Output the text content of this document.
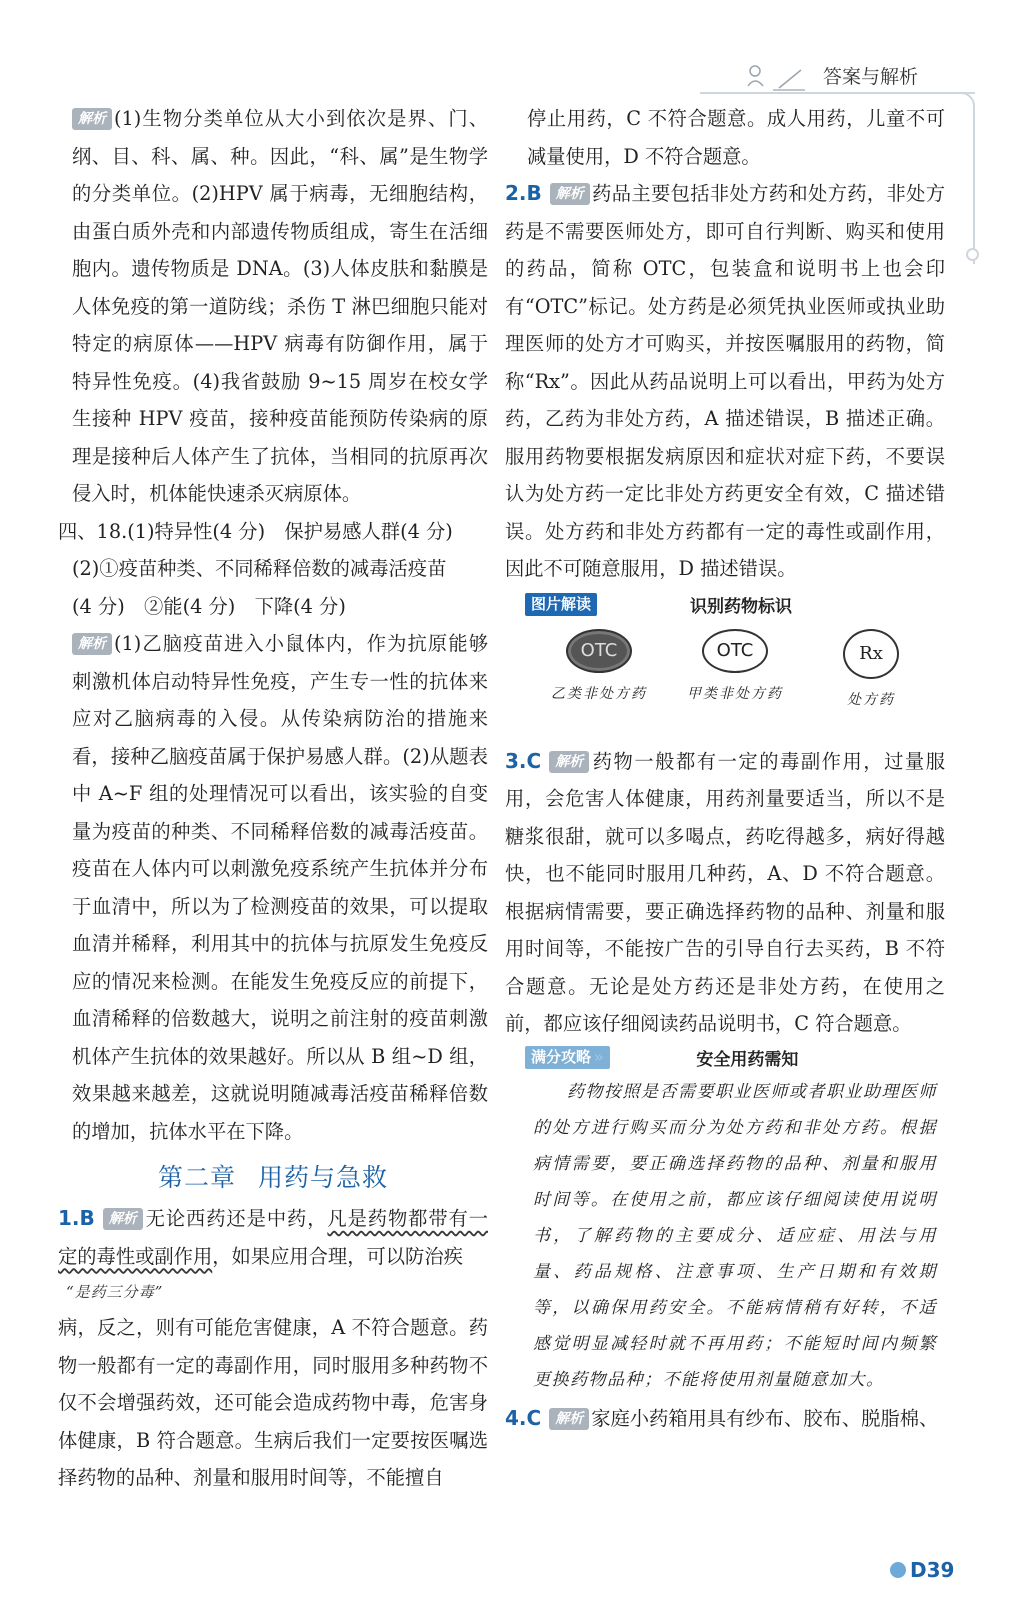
答案与解析

解析 (1)生物分类单位从大小到依次是界、门、纲、目、科、属、种。因此，“科、属”是生物学的分类单位。(2)HPV 属于病毒，无细胞结构，由蛋白质外壳和内部遗传物质组成，寄生在活细胞内。遗传物质是 DNA。(3)人体皮肤和黏膜是人体免疫的第一道防线；杀伤 T 淋巴细胞只能对特定的病原体——HPV 病毒有防御作用，属于特异性免疫。(4)我省鼓励 9~15 周岁在校女学生接种 HPV 疫苗，接种疫苗能预防传染病的原理是接种后人体产生了抗体，当相同的抗原再次侵入时，机体能快速杀灭病原体。

四、18.(1)特异性(4 分)　保护易感人群(4 分)

(2)①疫苗种类、不同稀释倍数的减毒活疫苗

(4 分)　②能(4 分)　下降(4 分)

解析 (1)乙脑疫苗进入小鼠体内，作为抗原能够刺激机体启动特异性免疫，产生专一性的抗体来应对乙脑病毒的入侵。从传染病防治的措施来看，接种乙脑疫苗属于保护易感人群。(2)从题表中 A~F 组的处理情况可以看出，该实验的自变量为疫苗的种类、不同稀释倍数的减毒活疫苗。疫苗在人体内可以刺激免疫系统产生抗体并分布于血清中，所以为了检测疫苗的效果，可以提取血清并稀释，利用其中的抗体与抗原发生免疫反应的情况来检测。在能发生免疫反应的前提下，血清稀释的倍数越大，说明之前注射的疫苗刺激机体产生抗体的效果越好。所以从 B 组~D 组，效果越来越差，这就说明随减毒活疫苗稀释倍数的增加，抗体水平在下降。

第二章 用药与急救

1.B 解析 无论西药还是中药，凡是药物都带有一定的毒性或副作用，如果应用合理，可以防治疾

“是药三分毒”

病，反之，则有可能危害健康，A 不符合题意。药物一般都有一定的毒副作用，同时服用多种药物不仅不会增强药效，还可能会造成药物中毒，危害身体健康，B 符合题意。生病后我们一定要按医嘱选择药物的品种、剂量和服用时间等，不能擅自

停止用药，C 不符合题意。成人用药，儿童不可减量使用，D 不符合题意。

2.B 解析 药品主要包括非处方药和处方药，非处方药是不需要医师处方，即可自行判断、购买和使用的药品，简称 OTC，包装盒和说明书上也会印有“OTC”标记。处方药是必须凭执业医师或执业助理医师的处方才可购买，并按医嘱服用的药物，简称“Rx”。因此从药品说明上可以看出，甲药为处方药，乙药为非处方药，A 描述错误，B 描述正确。服用药物要根据发病原因和症状对症下药，不要误认为处方药一定比非处方药更安全有效，C 描述错误。处方药和非处方药都有一定的毒性或副作用，因此不可随意服用，D 描述错误。

图片解读	识别药物标识
OTC
乙类非处方药
OTC
甲类非处方药
Rx
处方药

3.C 解析 药物一般都有一定的毒副作用，过量服用，会危害人体健康，用药剂量要适当，所以不是糖浆很甜，就可以多喝点，药吃得越多，病好得越快，也不能同时服用几种药，A、D 不符合题意。根据病情需要，要正确选择药物的品种、剂量和服用时间等，不能按广告的引导自行去买药，B 不符合题意。无论是处方药还是非处方药，在使用之前，都应该仔细阅读药品说明书，C 符合题意。

满分攻略 »	安全用药需知
药物按照是否需要职业医师或者职业助理医师的处方进行购买而分为处方药和非处方药。根据病情需要，要正确选择药物的品种、剂量和服用时间等。在使用之前，都应该仔细阅读使用说明书，了解药物的主要成分、适应症、用法与用量、药品规格、注意事项、生产日期和有效期等，以确保用药安全。不能病情稍有好转，不适感觉明显减轻时就不再用药；不能短时间内频繁更换药物品种；不能将使用剂量随意加大。

4.C 解析 家庭小药箱用具有纱布、胶布、脱脂棉、

D39
